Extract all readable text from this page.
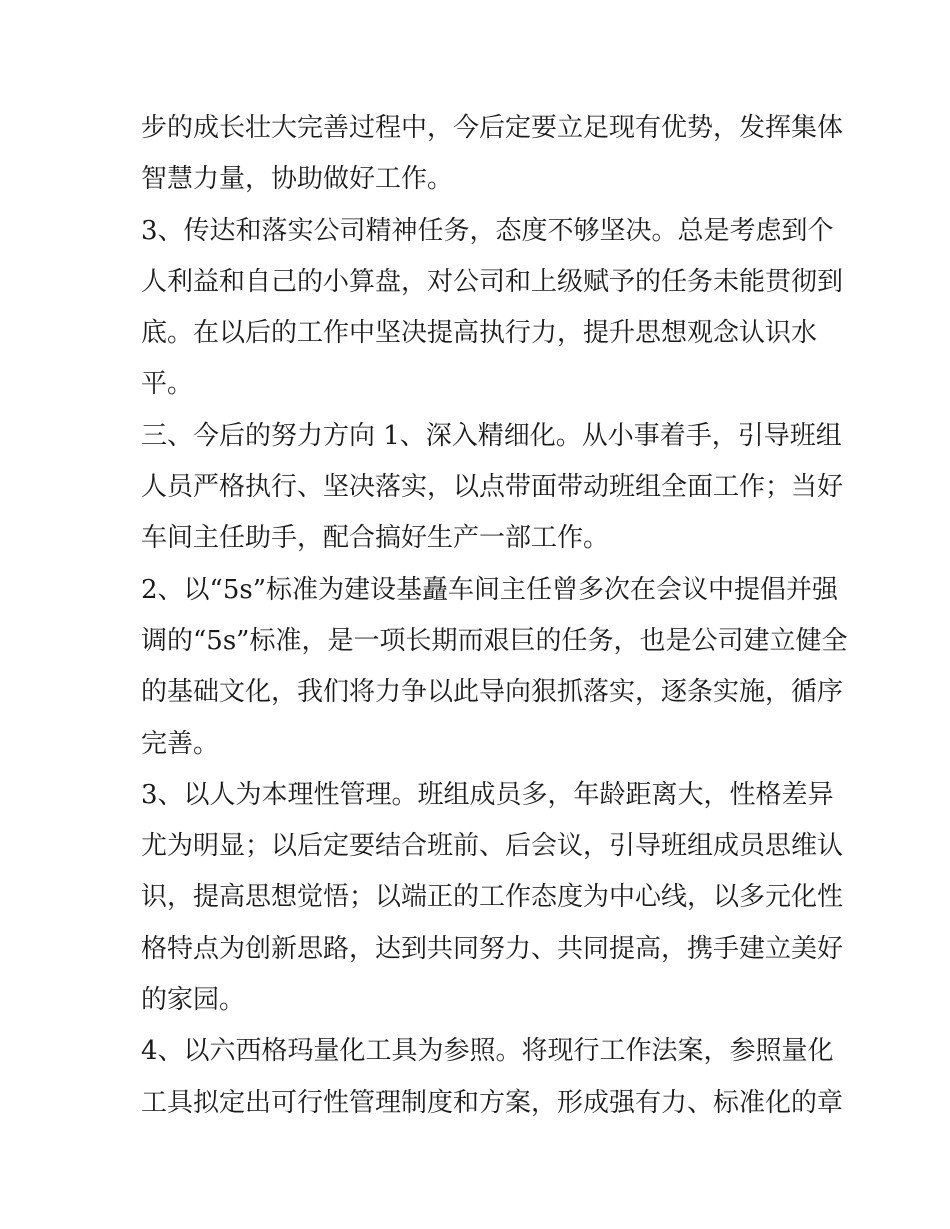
步的成长壮大完善过程中，今后定要立足现有优势，发挥集体
智慧力量，协助做好工作。
3、传达和落实公司精神任务，态度不够坚决。总是考虑到个
人利益和自己的小算盘，对公司和上级赋予的任务未能贯彻到
底。在以后的工作中坚决提高执行力，提升思想观念认识水
平。
三、今后的努力方向 1、深入精细化。从小事着手，引导班组
人员严格执行、坚决落实，以点带面带动班组全面工作；当好
车间主任助手，配合搞好生产一部工作。
2、以“5s”标准为建设基矗车间主任曾多次在会议中提倡并强
调的“5s”标准，是一项长期而艰巨的任务，也是公司建立健全
的基础文化，我们将力争以此导向狠抓落实，逐条实施，循序
完善。
3、以人为本理性管理。班组成员多，年龄距离大，性格差异
尤为明显；以后定要结合班前、后会议，引导班组成员思维认
识，提高思想觉悟；以端正的工作态度为中心线，以多元化性
格特点为创新思路，达到共同努力、共同提高，携手建立美好
的家园。
4、以六西格玛量化工具为参照。将现行工作法案，参照量化
工具拟定出可行性管理制度和方案，形成强有力、标准化的章
